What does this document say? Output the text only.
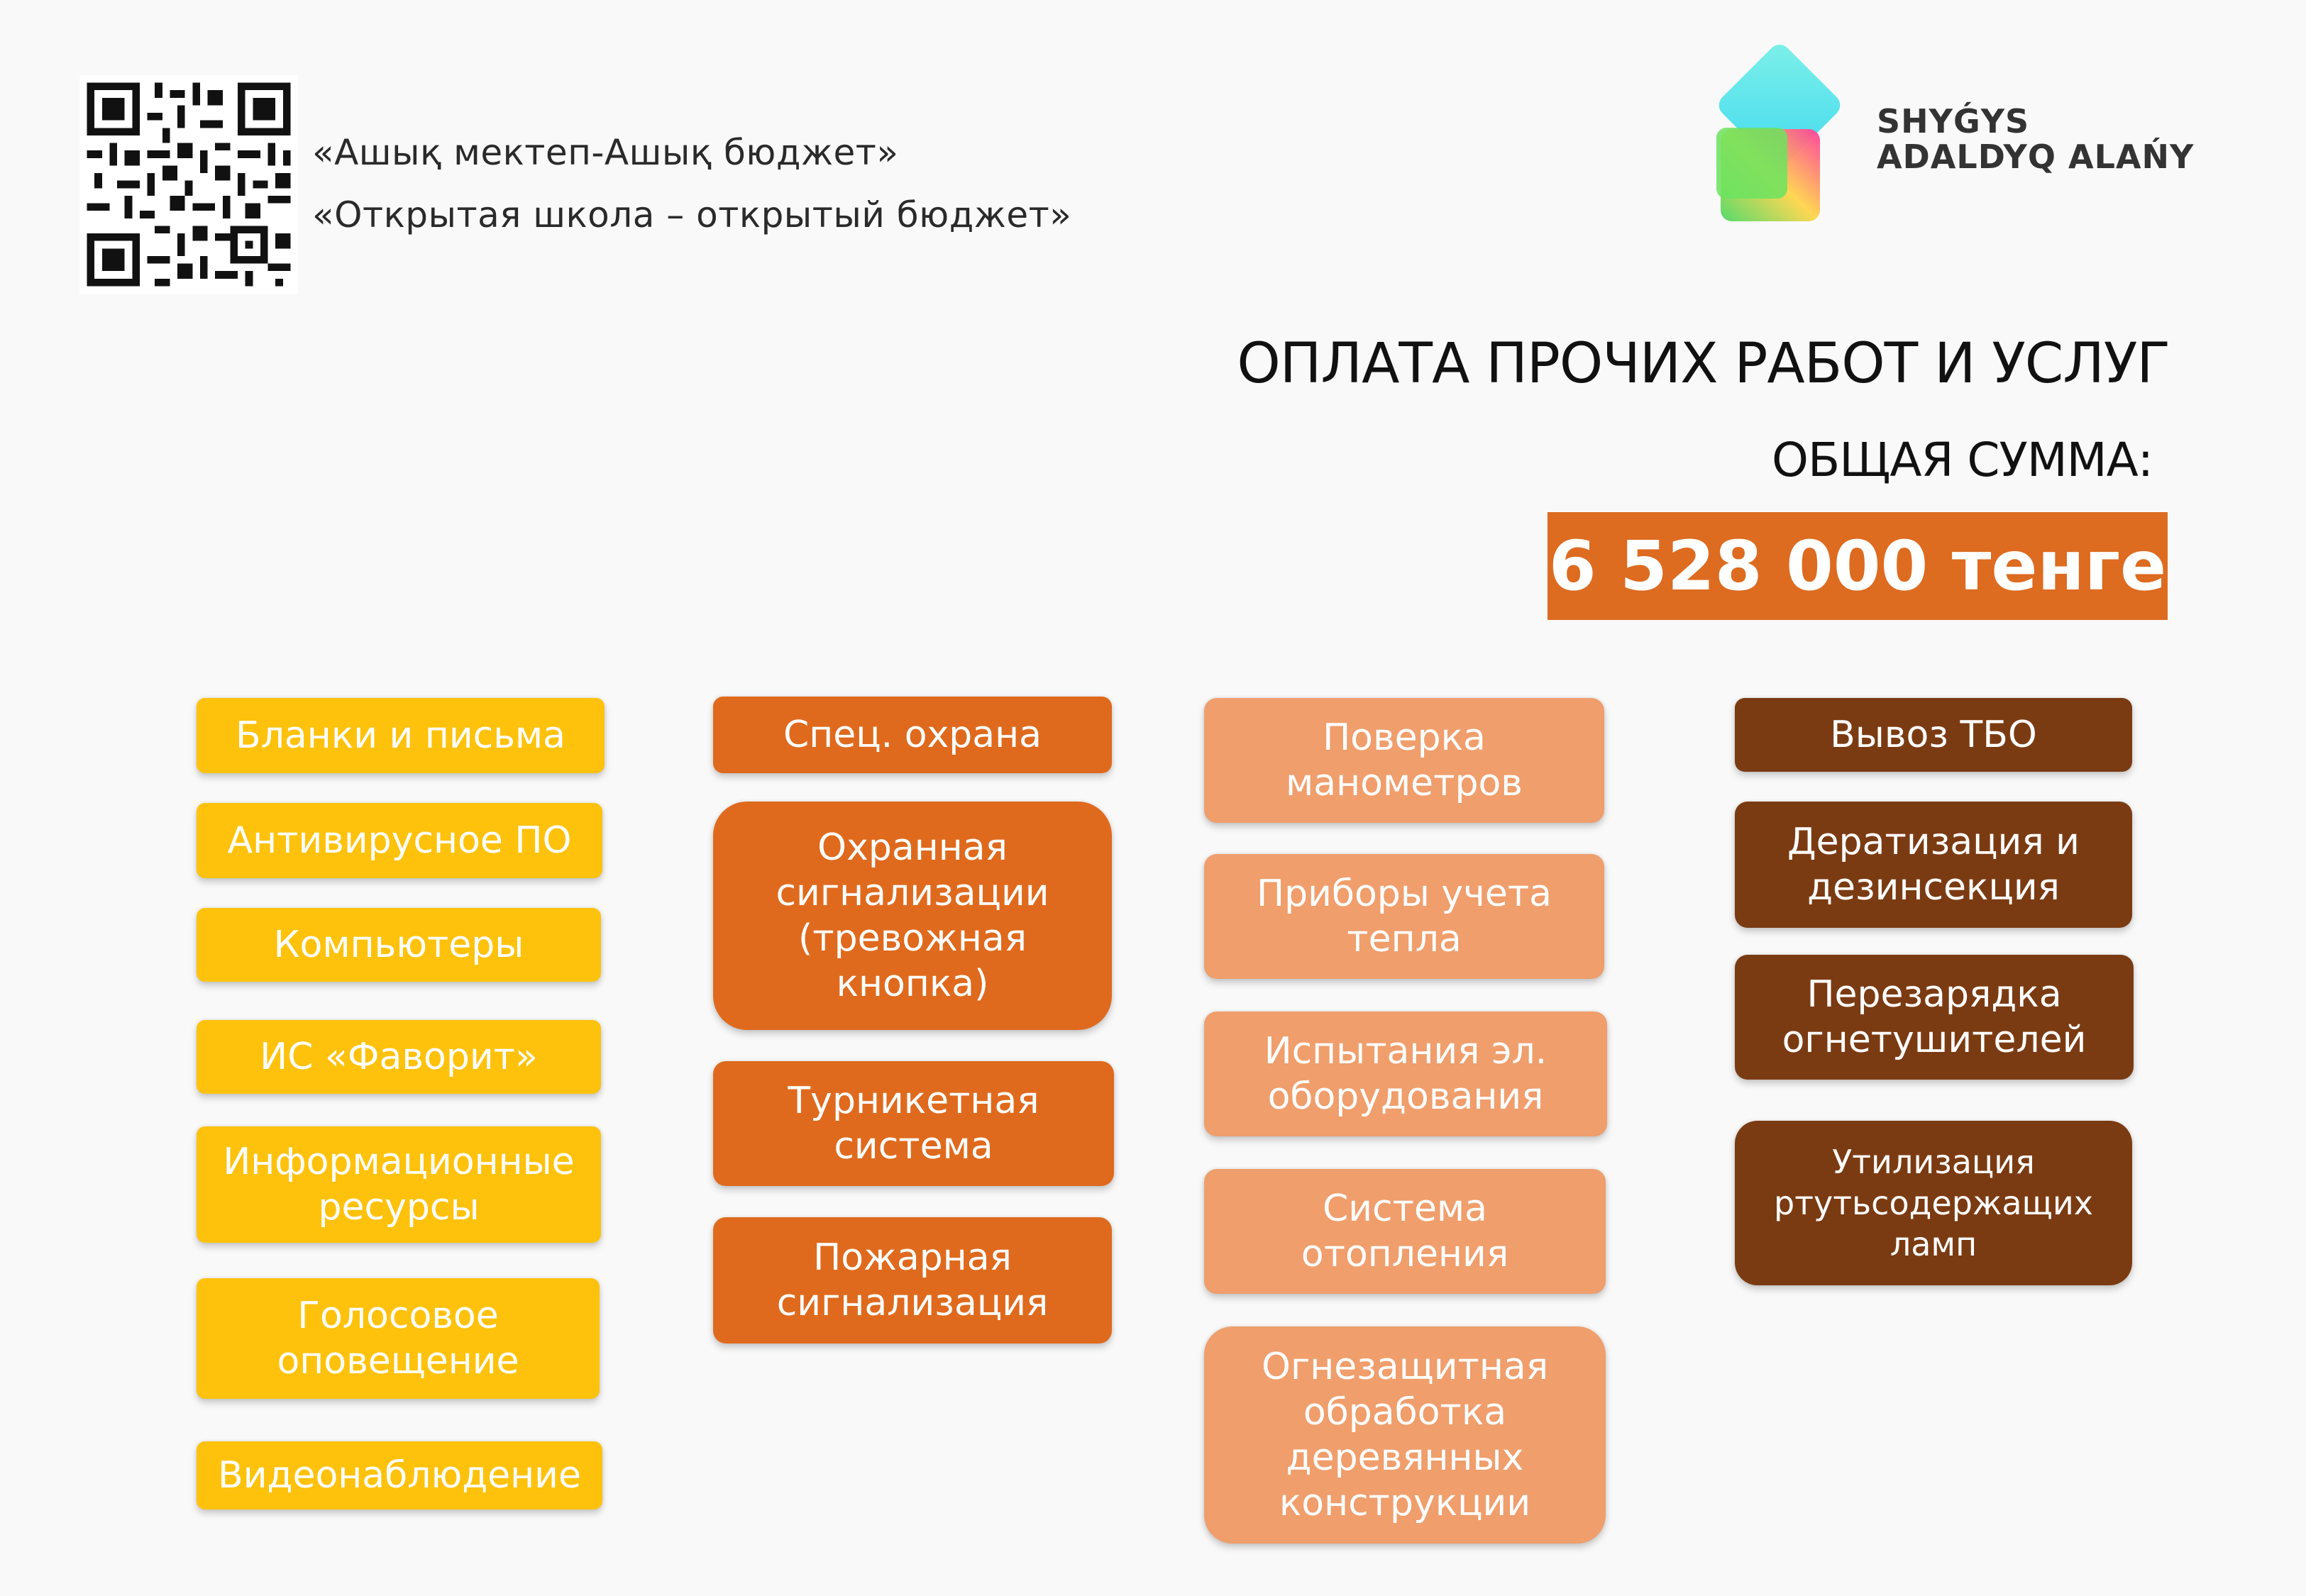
«Ашық мектеп-Ашық бюджет»
«Открытая школа – открытый бюджет»
SHYǴYS
ADALDYQ ALAŃY
ОПЛАТА ПРОЧИХ РАБОТ И УСЛУГ
ОБЩАЯ СУММА:
6 528 000 тенге
Бланки и письма
Антивирусное ПО
Компьютеры
ИС «Фаворит»
Информационные ресурсы
Голосовое оповещение
Видеонаблюдение
Спец. охрана
Охранная сигнализации (тревожная кнопка)
Турникетная система
Пожарная сигнализация
Поверка манометров
Приборы учета тепла
Испытания эл. оборудования
Система отопления
Огнезащитная обработка деревянных конструкции
Вывоз ТБО
Дератизация и дезинсекция
Перезарядка огнетушителей
Утилизация ртутьсодержащих ламп
